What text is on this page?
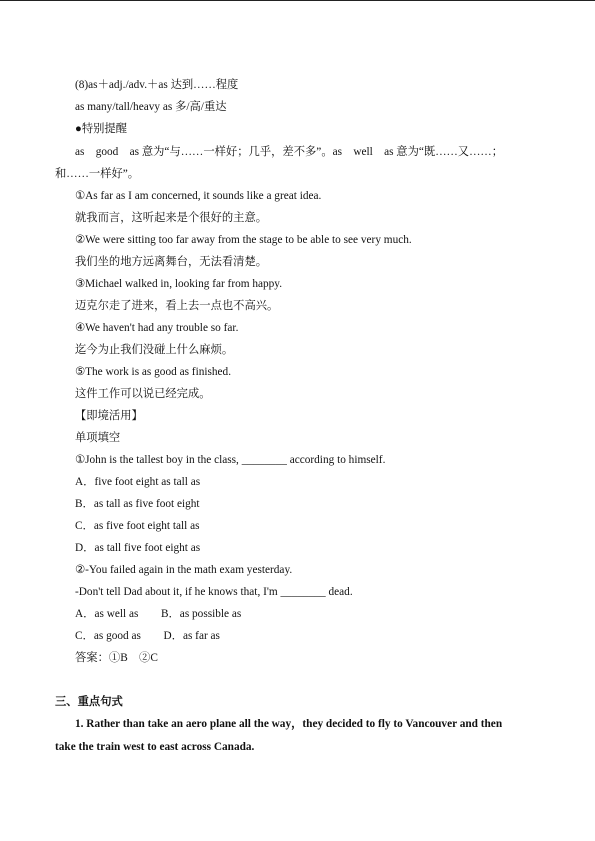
(8)as＋adj./adv.＋as 达到……程度
as many/tall/heavy as 多/高/重达
●特别提醒
as　good　as 意为“与……一样好；几乎，差不多”。as　well　as 意为“既……又……；
和……一样好”。
①As far as I am concerned, it sounds like a great idea.
就我而言，这听起来是个很好的主意。
②We were sitting too far away from the stage to be able to see very much.
我们坐的地方远离舞台，无法看清楚。
③Michael walked in, looking far from happy.
迈克尔走了进来，看上去一点也不高兴。
④We haven't had any trouble so far.
迄今为止我们没碰上什么麻烦。
⑤The work is as good as finished.
这件工作可以说已经完成。
【即境活用】
单项填空
①John is the tallest boy in the class, ________ according to himself.
A．five foot eight as tall as
B．as tall as five foot eight
C．as five foot eight tall as
D．as tall five foot eight as
②-You failed again in the math exam yesterday.
-Don't tell Dad about it, if he knows that, I'm ________ dead.
A．as well as　　B．as possible as
C．as good as　　D．as far as
答案：①B　②C
三、重点句式
1. Rather than take an aero plane all the way，they decided to fly to Vancouver and then
take the train west to east across Canada.
